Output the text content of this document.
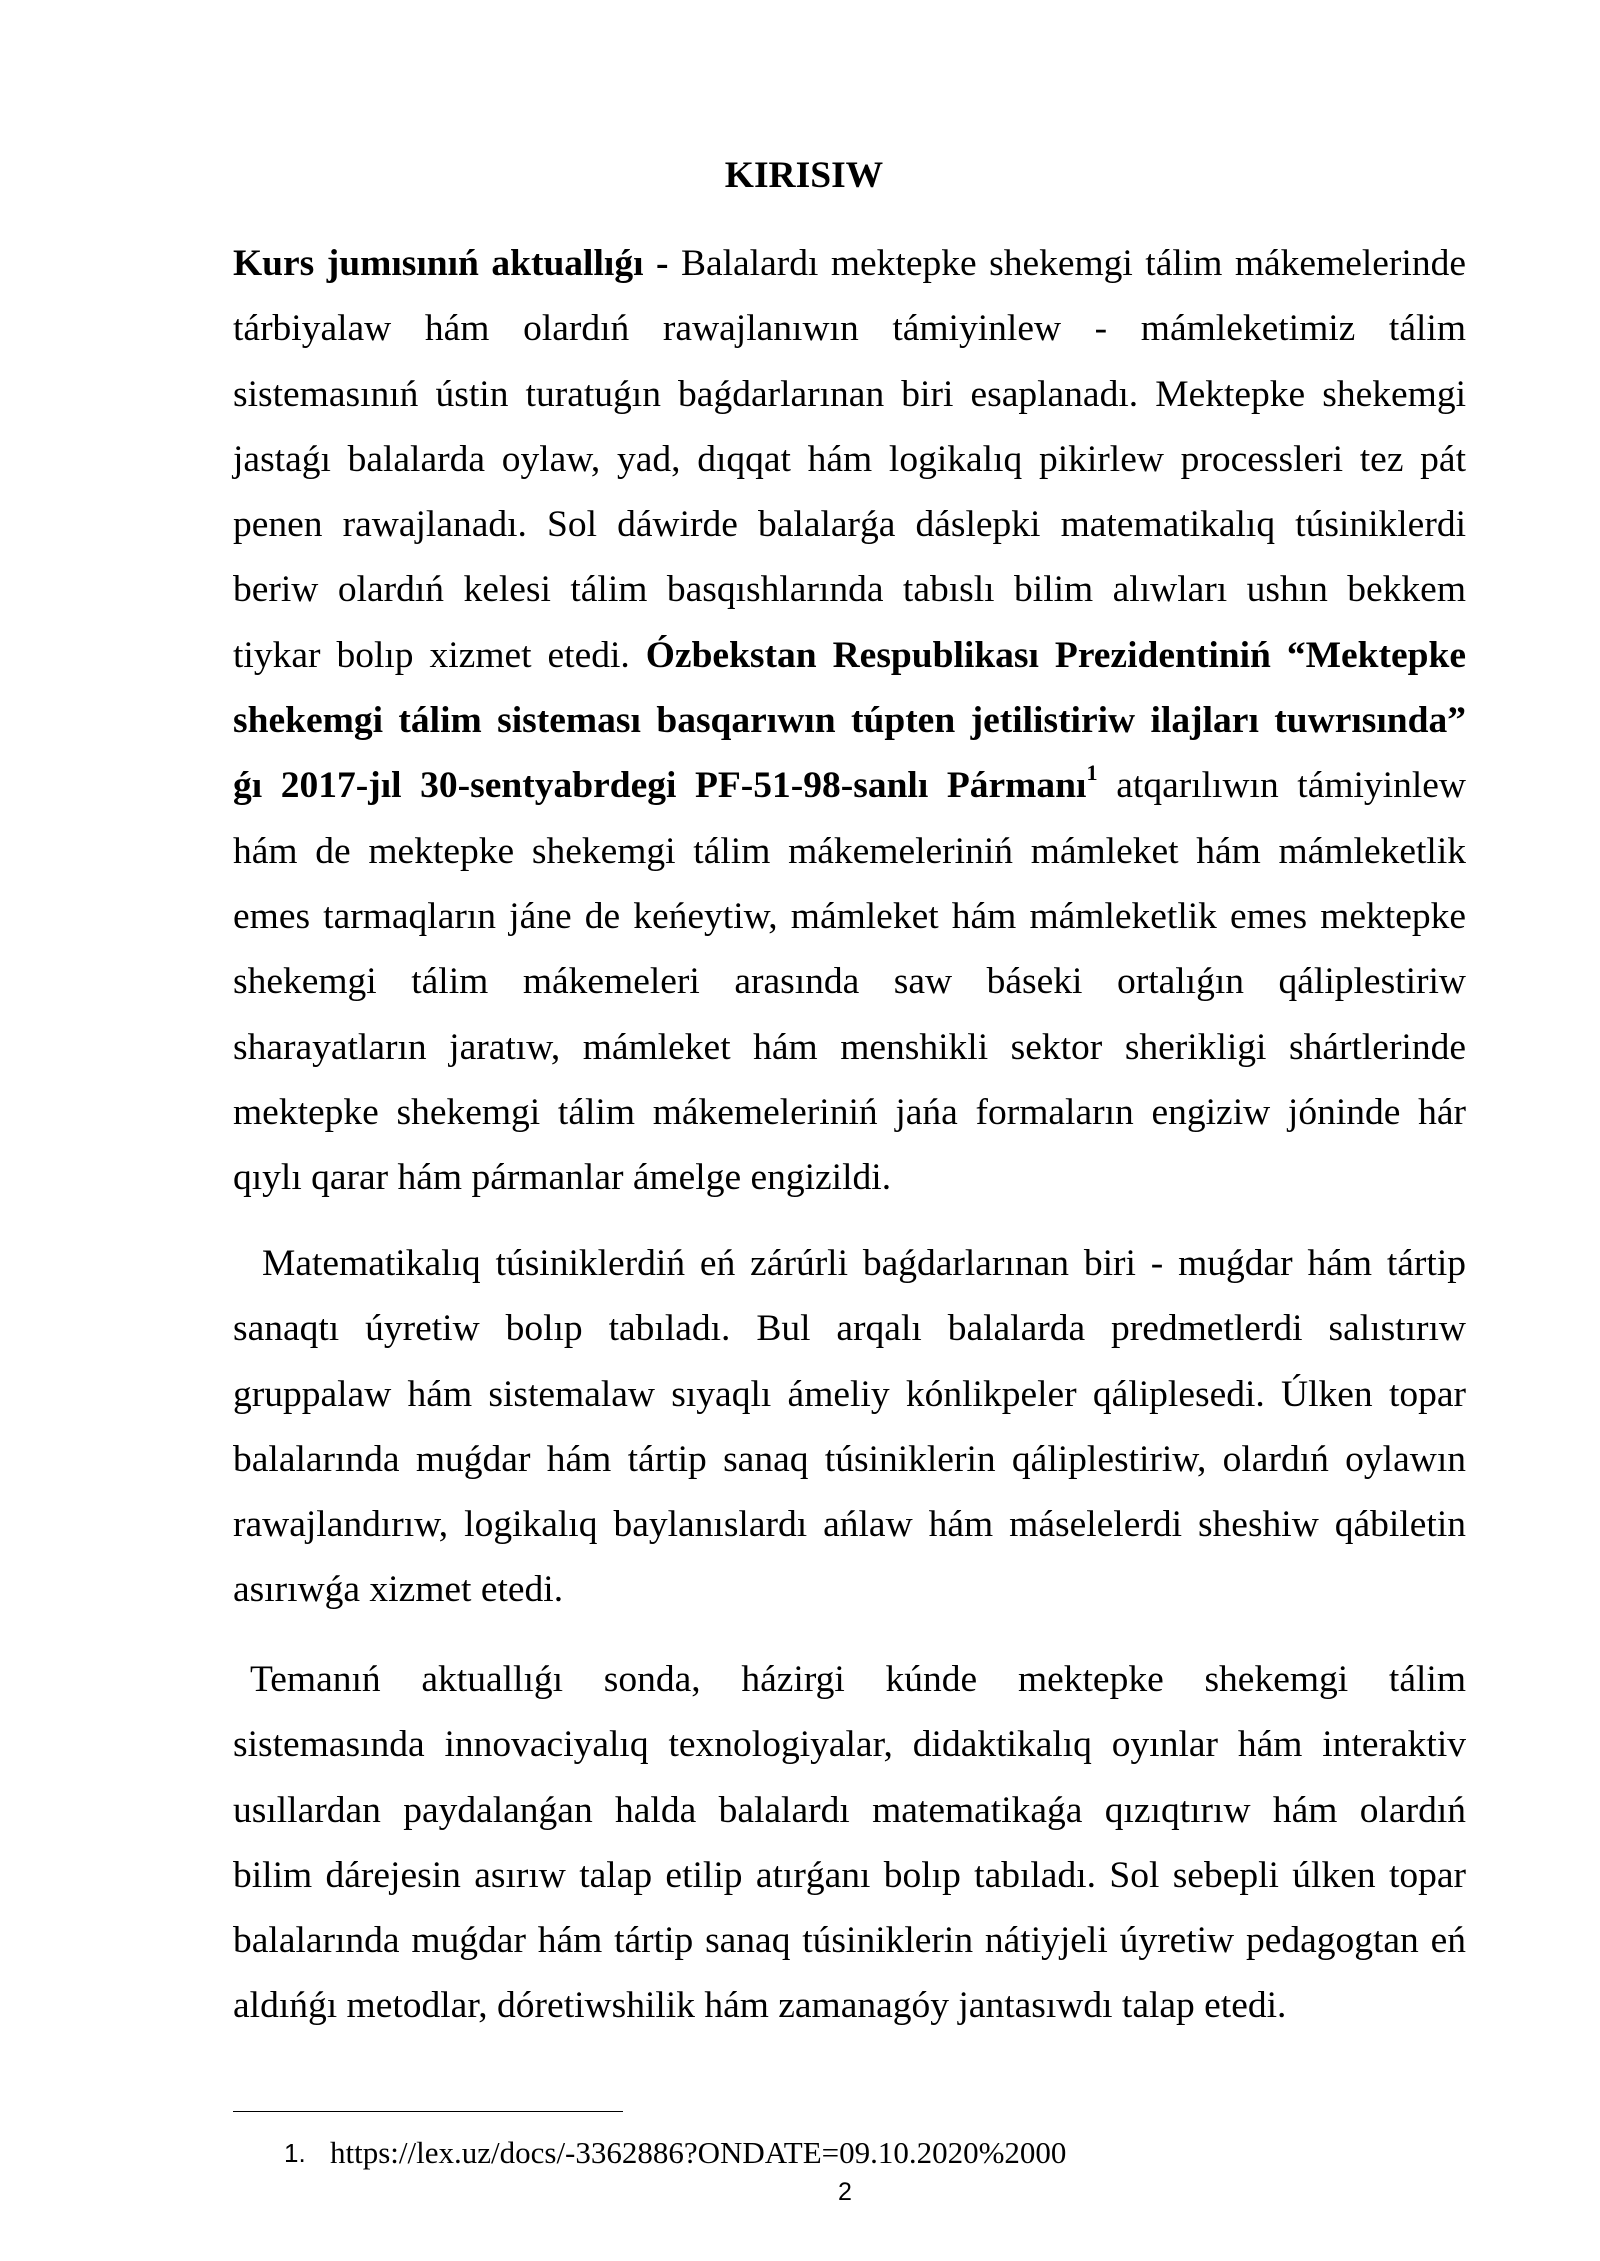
KIRISIW
Kurs jumısınıń aktuallıǵı - Balalardı mektepke shekemgi tálim mákemelerinde
tárbiyalaw hám olardıń rawajlanıwın támiyinlew - mámleketimiz tálim
sistemasınıń ústin turatuǵın baǵdarlarınan biri esaplanadı. Mektepke shekemgi
jastaǵı balalarda oylaw, yad, dıqqat hám logikalıq pikirlew processleri tez pát
penen rawajlanadı. Sol dáwirde balalarǵa dáslepki matematikalıq túsiniklerdi
beriw olardıń kelesi tálim basqıshlarında tabıslı bilim alıwları ushın bekkem
tiykar bolıp xizmet etedi. Ózbekstan Respublikası Prezidentiniń “Mektepke
shekemgi tálim sisteması basqarıwın túpten jetilistiriw ilajları tuwrısında”
ǵı 2017-jıl 30-sentyabrdegi PF-51-98-sanlı Pármanı$^1$ atqarılıwın támiyinlew
hám de mektepke shekemgi tálim mákemeleriniń mámleket hám mámleketlik
emes tarmaqların jáne de keńeytiw, mámleket hám mámleketlik emes mektepke
shekemgi tálim mákemeleri arasında saw báseki ortalıǵın qáliplestiriw
sharayatların jaratıw, mámleket hám menshikli sektor sherikligi shártlerinde
mektepke shekemgi tálim mákemeleriniń jańa formaların engiziw jóninde hár
qıylı qarar hám pármanlar ámelge engizildi.
Matematikalıq túsiniklerdiń eń zárúrli baǵdarlarınan biri - muǵdar hám tártip
sanaqtı úyretiw bolıp tabıladı. Bul arqalı balalarda predmetlerdi salıstırıw
gruppalaw hám sistemalaw sıyaqlı ámeliy kónlikpeler qáliplesedi. Úlken topar
balalarında muǵdar hám tártip sanaq túsiniklerin qáliplestiriw, olardıń oylawın
rawajlandırıw, logikalıq baylanıslardı ańlaw hám máselelerdi sheshiw qábiletin
asırıwǵa xizmet etedi.
Temanıń aktuallıǵı sonda, házirgi kúnde mektepke shekemgi tálim
sistemasında innovaciyalıq texnologiyalar, didaktikalıq oyınlar hám interaktiv
usıllardan paydalanǵan halda balalardı matematikaǵa qızıqtırıw hám olardıń
bilim dárejesin asırıw talap etilip atırǵanı bolıp tabıladı. Sol sebepli úlken topar
balalarında muǵdar hám tártip sanaq túsiniklerin nátiyjeli úyretiw pedagogtan eń
aldıńǵı metodlar, dóretiwshilik hám zamanagóy jantasıwdı talap etedi.
1. https://lex.uz/docs/-3362886?ONDATE=09.10.2020%2000
2
